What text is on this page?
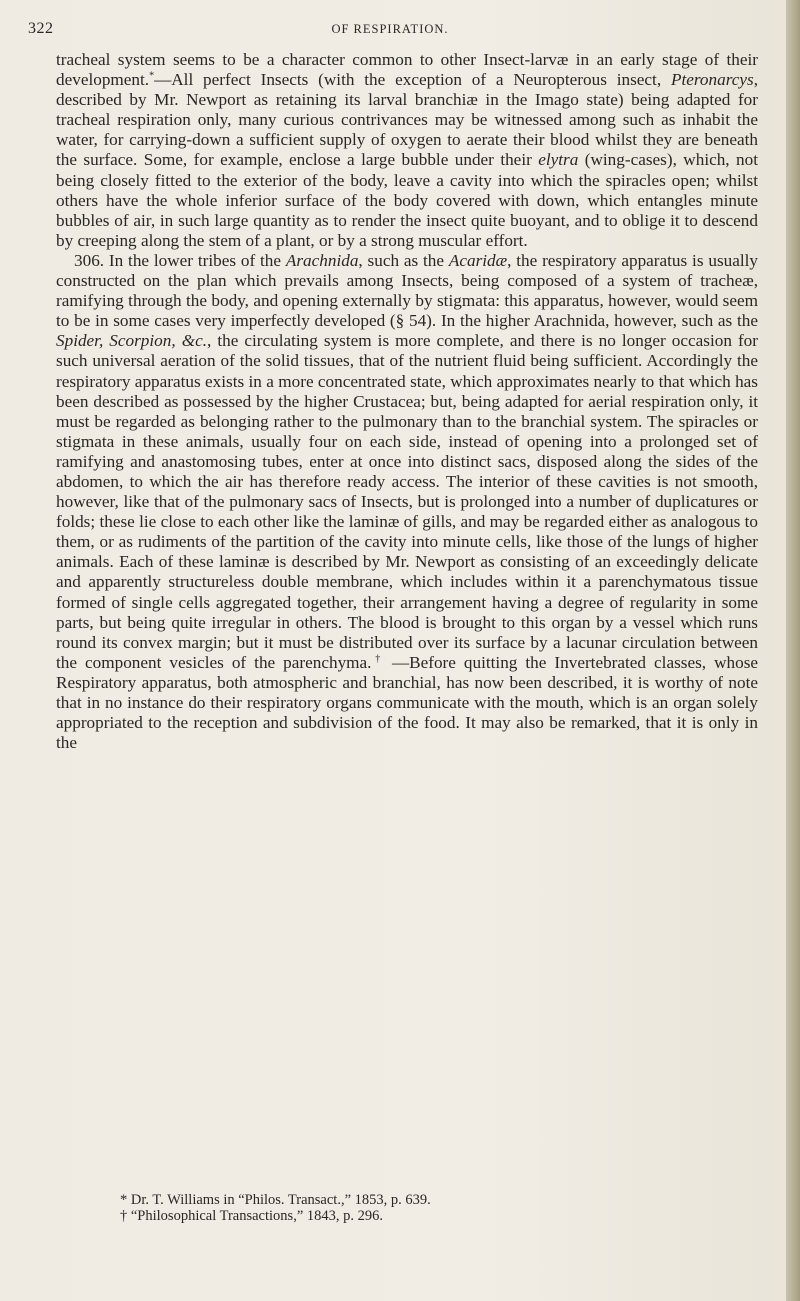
322	OF RESPIRATION.

tracheal system seems to be a character common to other Insect-larvæ in an early stage of their development.*—All perfect Insects (with the exception of a Neuropterous insect, Pteronarcys, described by Mr. Newport as retaining its larval branchiæ in the Imago state) being adapted for tracheal respiration only, many curious contrivances may be witnessed among such as inhabit the water, for carrying-down a sufficient supply of oxygen to aerate their blood whilst they are beneath the surface. Some, for example, enclose a large bubble under their elytra (wing-cases), which, not being closely fitted to the exterior of the body, leave a cavity into which the spiracles open; whilst others have the whole inferior surface of the body covered with down, which entangles minute bubbles of air, in such large quantity as to render the insect quite buoyant, and to oblige it to descend by creeping along the stem of a plant, or by a strong muscular effort.

306. In the lower tribes of the Arachnida, such as the Acaridæ, the respiratory apparatus is usually constructed on the plan which prevails among Insects, being composed of a system of tracheæ, ramifying through the body, and opening externally by stigmata: this apparatus, however, would seem to be in some cases very imperfectly developed (§ 54). In the higher Arachnida, however, such as the Spider, Scorpion, &c., the circulating system is more complete, and there is no longer occasion for such universal aeration of the solid tissues, that of the nutrient fluid being sufficient. Accordingly the respiratory apparatus exists in a more concentrated state, which approximates nearly to that which has been described as possessed by the higher Crustacea; but, being adapted for aerial respiration only, it must be regarded as belonging rather to the pulmonary than to the branchial system. The spiracles or stigmata in these animals, usually four on each side, instead of opening into a prolonged set of ramifying and anastomosing tubes, enter at once into distinct sacs, disposed along the sides of the abdomen, to which the air has therefore ready access. The interior of these cavities is not smooth, however, like that of the pulmonary sacs of Insects, but is prolonged into a number of duplicatures or folds; these lie close to each other like the laminæ of gills, and may be regarded either as analogous to them, or as rudiments of the partition of the cavity into minute cells, like those of the lungs of higher animals. Each of these laminæ is described by Mr. Newport as consisting of an exceedingly delicate and apparently structureless double membrane, which includes within it a parenchymatous tissue formed of single cells aggregated together, their arrangement having a degree of regularity in some parts, but being quite irregular in others. The blood is brought to this organ by a vessel which runs round its convex margin; but it must be distributed over its surface by a lacunar circulation between the component vesicles of the parenchyma.† —Before quitting the Invertebrated classes, whose Respiratory apparatus, both atmospheric and branchial, has now been described, it is worthy of note that in no instance do their respiratory organs communicate with the mouth, which is an organ solely appropriated to the reception and subdivision of the food. It may also be remarked, that it is only in the

* Dr. T. Williams in “Philos. Transact.,” 1853, p. 639.

† “Philosophical Transactions,” 1843, p. 296.
